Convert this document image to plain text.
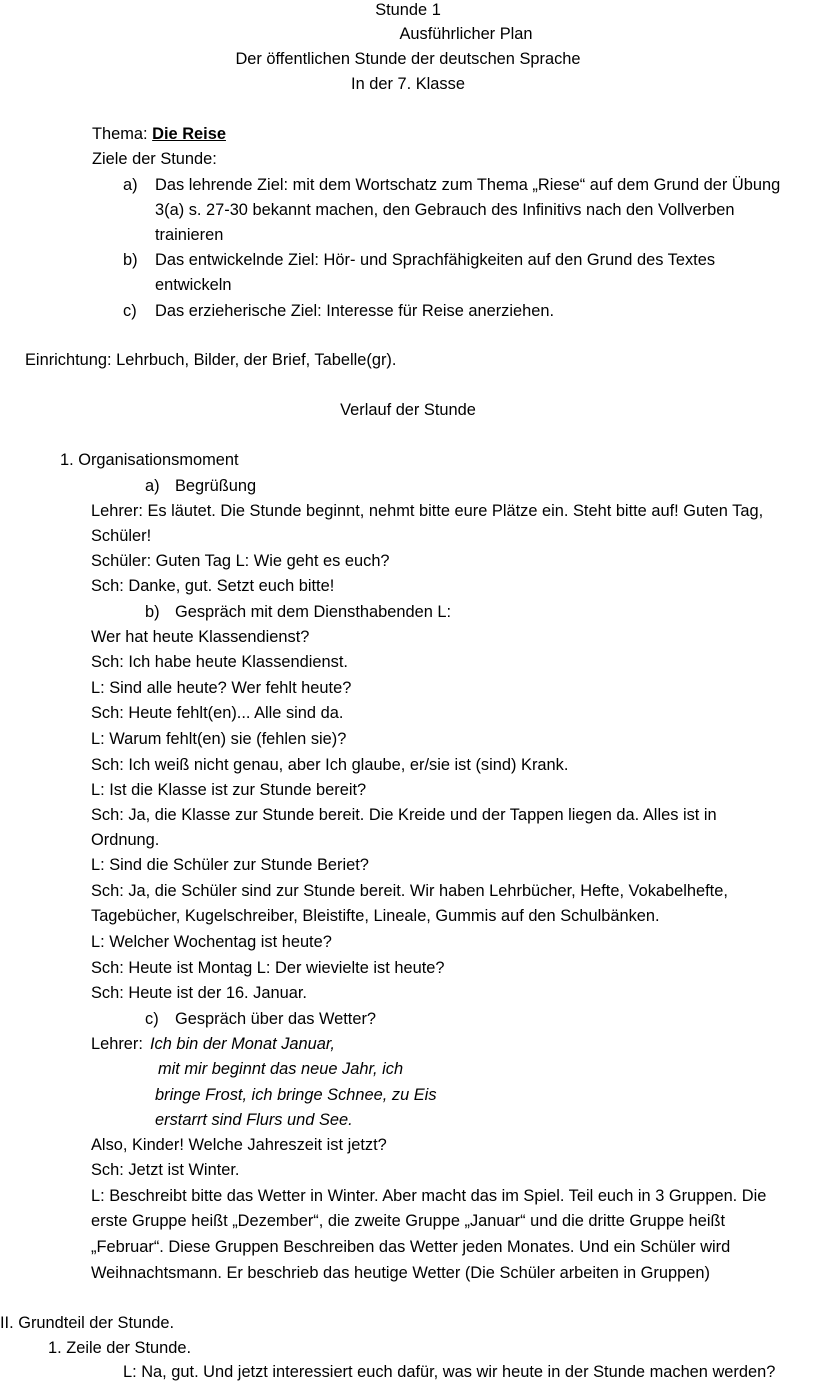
Stunde 1
Ausführlicher Plan
Der öffentlichen Stunde der deutschen Sprache
In der 7. Klasse
Thema: Die Reise
Ziele der Stunde:
a) Das lehrende Ziel: mit dem Wortschatz zum Thema „Riese“ auf dem Grund der Übung
3(a) s. 27-30 bekannt machen, den Gebrauch des Infinitivs nach den Vollverben
trainieren
b) Das entwickelnde Ziel: Hör- und Sprachfähigkeiten auf den Grund des Textes
entwickeln
c) Das erzieherische Ziel: Interesse für Reise anerziehen.
Einrichtung: Lehrbuch, Bilder, der Brief, Tabelle(gr).
Verlauf der Stunde
1. Organisationsmoment
a) Begrüßung
Lehrer: Es läutet. Die Stunde beginnt, nehmt bitte eure Plätze ein. Steht bitte auf! Guten Tag,
Schüler!
Schüler: Guten Tag L: Wie geht es euch?
Sch: Danke, gut. Setzt euch bitte!
b) Gespräch mit dem Diensthabenden L:
Wer hat heute Klassendienst?
Sch: Ich habe heute Klassendienst.
L: Sind alle heute? Wer fehlt heute?
Sch: Heute fehlt(en)... Alle sind da.
L: Warum fehlt(en) sie (fehlen sie)?
Sch: Ich weiß nicht genau, aber Ich glaube, er/sie ist (sind) Krank.
L: Ist die Klasse ist zur Stunde bereit?
Sch: Ja, die Klasse zur Stunde bereit. Die Kreide und der Tappen liegen da. Alles ist in
Ordnung.
L: Sind die Schüler zur Stunde Beriet?
Sch: Ja, die Schüler sind zur Stunde bereit. Wir haben Lehrbücher, Hefte, Vokabelhefte,
Tagebücher, Kugelschreiber, Bleistifte, Lineale, Gummis auf den Schulbänken.
L: Welcher Wochentag ist heute?
Sch: Heute ist Montag L: Der wievielte ist heute?
Sch: Heute ist der 16. Januar.
c) Gespräch über das Wetter?
Lehrer: Ich bin der Monat Januar,
mit mir beginnt das neue Jahr, ich
bringe Frost, ich bringe Schnee, zu Eis
erstarrt sind Flurs und See.
Also, Kinder! Welche Jahreszeit ist jetzt?
Sch: Jetzt ist Winter.
L: Beschreibt bitte das Wetter in Winter. Aber macht das im Spiel. Teil euch in 3 Gruppen. Die
erste Gruppe heißt „Dezember“, die zweite Gruppe „Januar“ und die dritte Gruppe heißt
„Februar“. Diese Gruppen Beschreiben das Wetter jeden Monates. Und ein Schüler wird
Weihnachtsmann. Er beschrieb das heutige Wetter (Die Schüler arbeiten in Gruppen)
II. Grundteil der Stunde.
1. Zeile der Stunde.
L: Na, gut. Und jetzt interessiert euch dafür, was wir heute in der Stunde machen werden?
